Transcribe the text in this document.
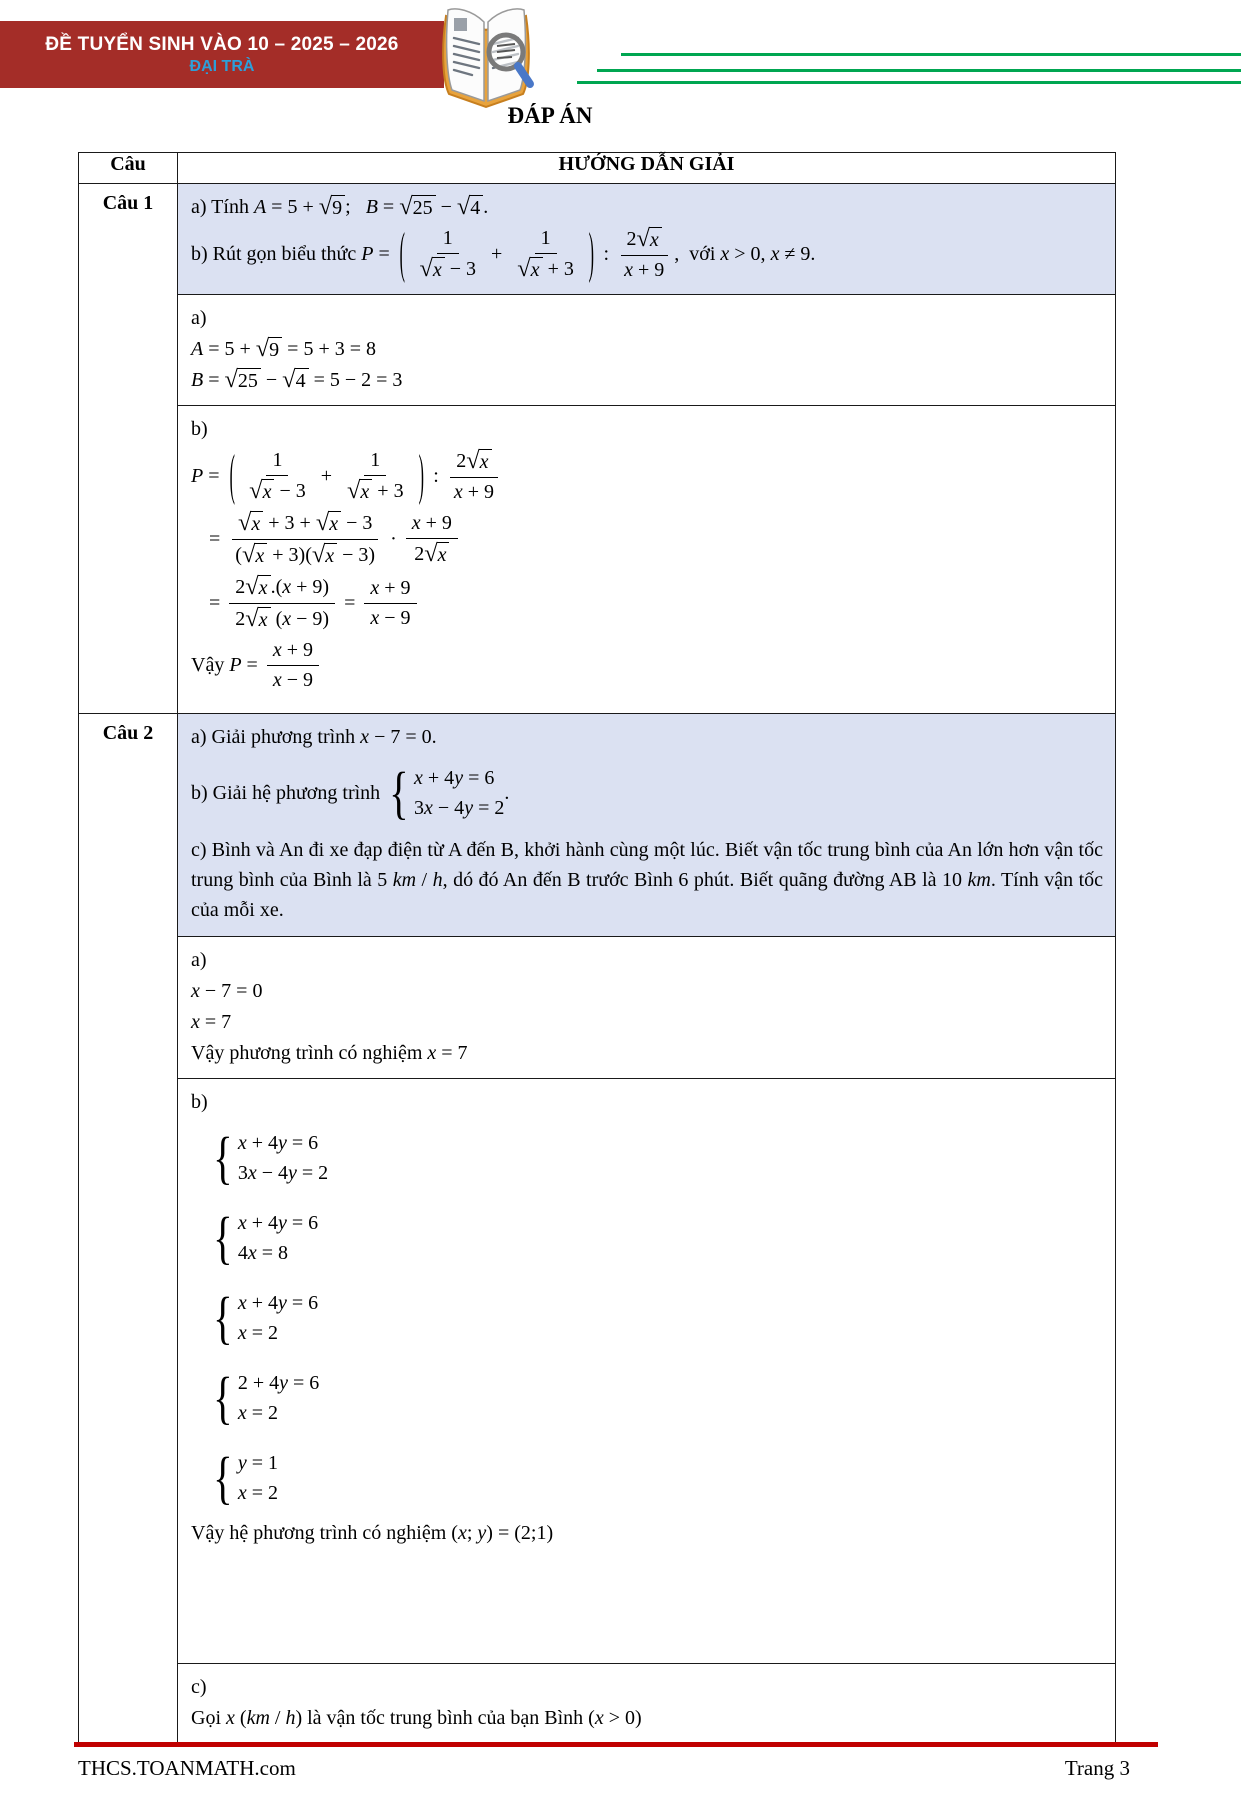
ĐỀ TUYỂN SINH VÀO 10 – 2025 – 2026
ĐẠI TRÀ
ĐÁP ÁN
Câu	HƯỚNG DẪN GIẢI
Câu 1	a) Tính A = 5 + √ 9 ;   B = √ 25 − √ 4 .
b) Rút gọn biểu thức P = ( $\frac{1}{√ x - 3} + \frac{1}{√ x + 3}$ ) : $\frac{2 √ x}{x + 9}$ , với x > 0, x ≠ 9.

a)
A = 5 + √ 9 = 5 + 3 = 8
B = √ 25 − √ 4 = 5 − 2 = 3

b)
P = ( $\frac{1}{√ x - 3} + \frac{1}{√ x + 3}$ ) : $\frac{2 √ x}{x + 9}$
= $\frac{√ x + 3 + √ x - 3}{( √ x + 3 ) ( √ x - 3 )} \cdot \frac{x + 9}{2 √ x}$
= $\frac{2 √ x .(x + 9)}{2 √ x (x - 9)} = \frac{x + 9}{x - 9}$
Vậy $P = \frac{x + 9}{x - 9}$

Câu 2	a) Giải phương trình x − 7 = 0.
b) Giải hệ phương trình { x + 4y = 6
3x − 4y = 2
.
c) Bình và An đi xe đạp điện từ A đến B, khởi hành cùng một lúc. Biết vận tốc trung bình của An lớn hơn vận tốc trung bình của Bình là 5 km / h, dó đó An đến B trước Bình 6 phút. Biết quãng đường AB là 10 km. Tính vận tốc của mỗi xe.

	a)
x − 7 = 0
x = 7
Vậy phương trình có nghiệm x = 7

b)
{ x + 4y = 6
3x − 4y = 2
{ x + 4y = 6
4x = 8
{ x + 4y = 6
x = 2
{ 2 + 4y = 6
x = 2
{ y = 1
x = 2
Vậy hệ phương trình có nghiệm (x; y) = (2;1)

	c)
Gọi x (km / h) là vận tốc trung bình của bạn Bình (x > 0)
THCS.TOANMATH.com	Trang 3
